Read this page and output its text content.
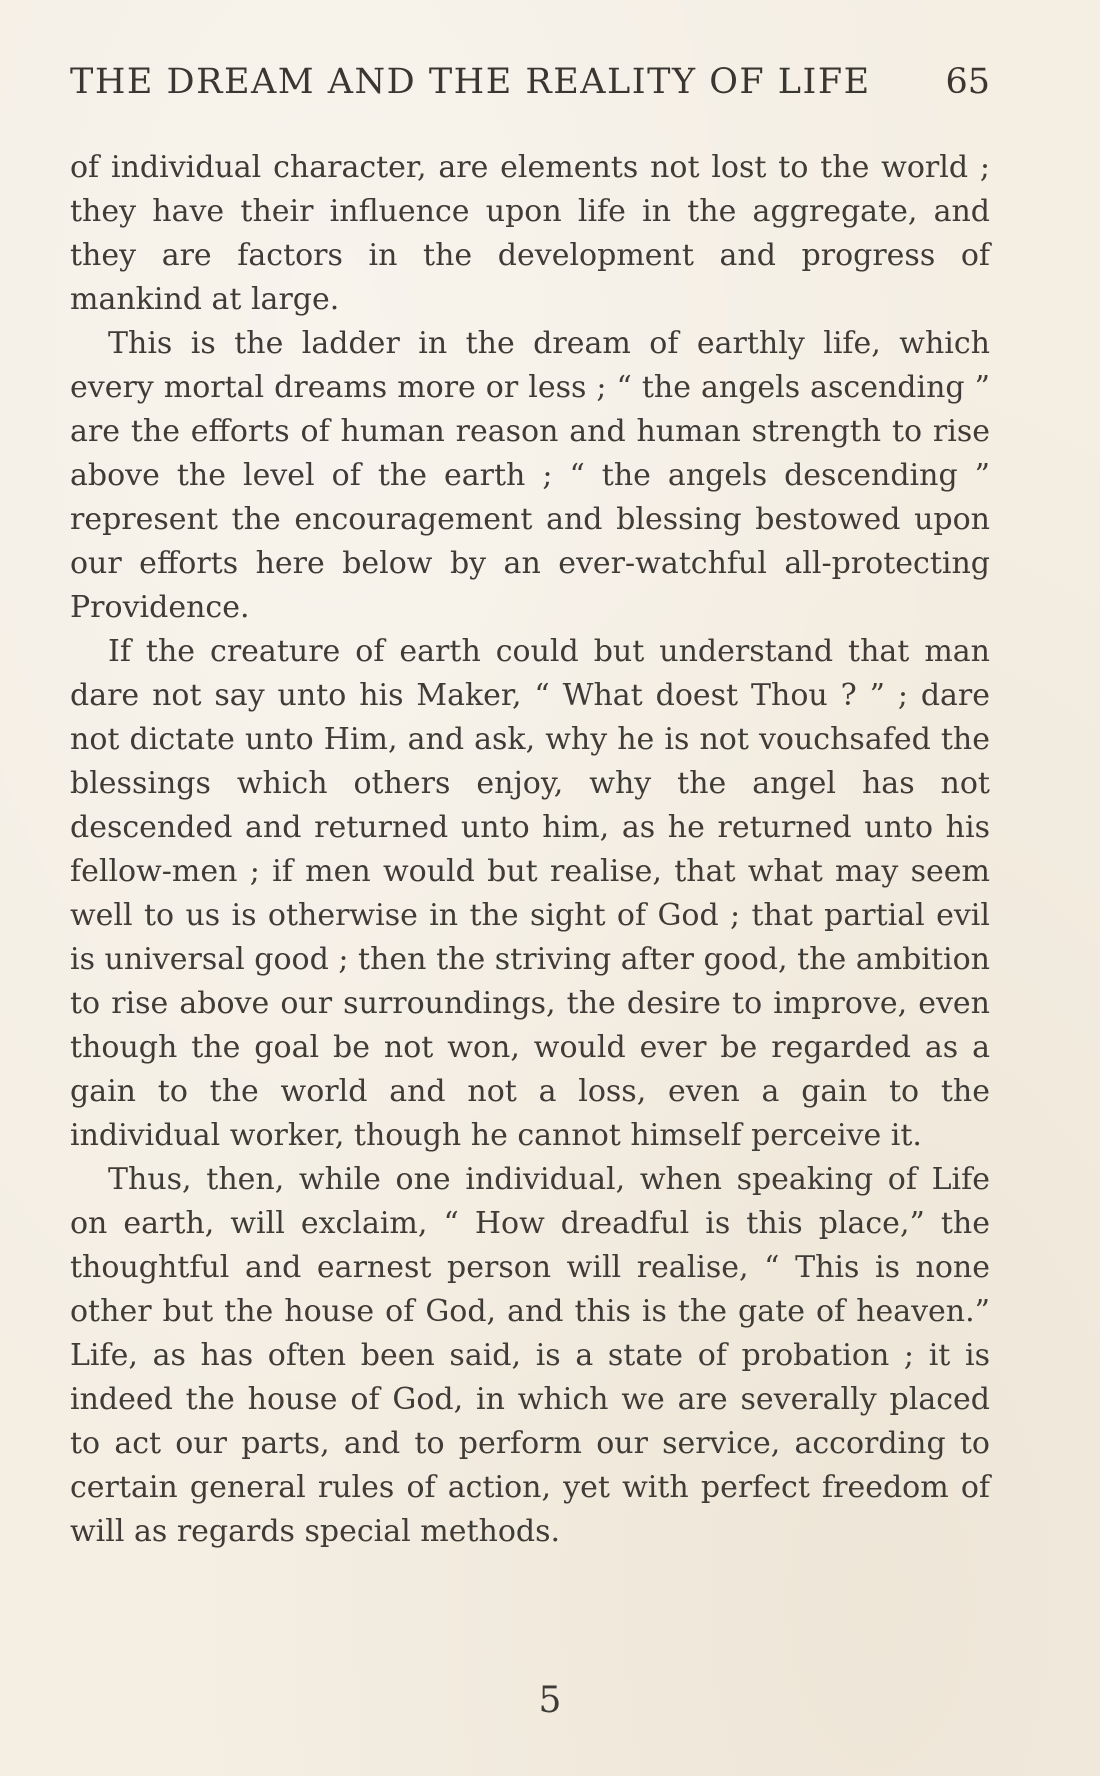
THE DREAM AND THE REALITY OF LIFE 65

of individual character, are elements not lost to the world ; they have their influence upon life in the aggregate, and they are factors in the development and progress of mankind at large.

This is the ladder in the dream of earthly life, which every mortal dreams more or less ; “ the angels ascending ” are the efforts of human reason and human strength to rise above the level of the earth ; “ the angels descending ” represent the encouragement and blessing bestowed upon our efforts here below by an ever-watchful all-protecting Providence.

If the creature of earth could but understand that man dare not say unto his Maker, “ What doest Thou ? ” ; dare not dictate unto Him, and ask, why he is not vouchsafed the blessings which others enjoy, why the angel has not descended and returned unto him, as he returned unto his fellow-men ; if men would but realise, that what may seem well to us is otherwise in the sight of God ; that partial evil is universal good ; then the striving after good, the ambition to rise above our surroundings, the desire to improve, even though the goal be not won, would ever be regarded as a gain to the world and not a loss, even a gain to the individual worker, though he cannot himself perceive it.

Thus, then, while one individual, when speaking of Life on earth, will exclaim, “ How dreadful is this place,” the thoughtful and earnest person will realise, “ This is none other but the house of God, and this is the gate of heaven.” Life, as has often been said, is a state of probation ; it is indeed the house of God, in which we are severally placed to act our parts, and to perform our service, according to certain general rules of action, yet with perfect freedom of will as regards special methods.

5
